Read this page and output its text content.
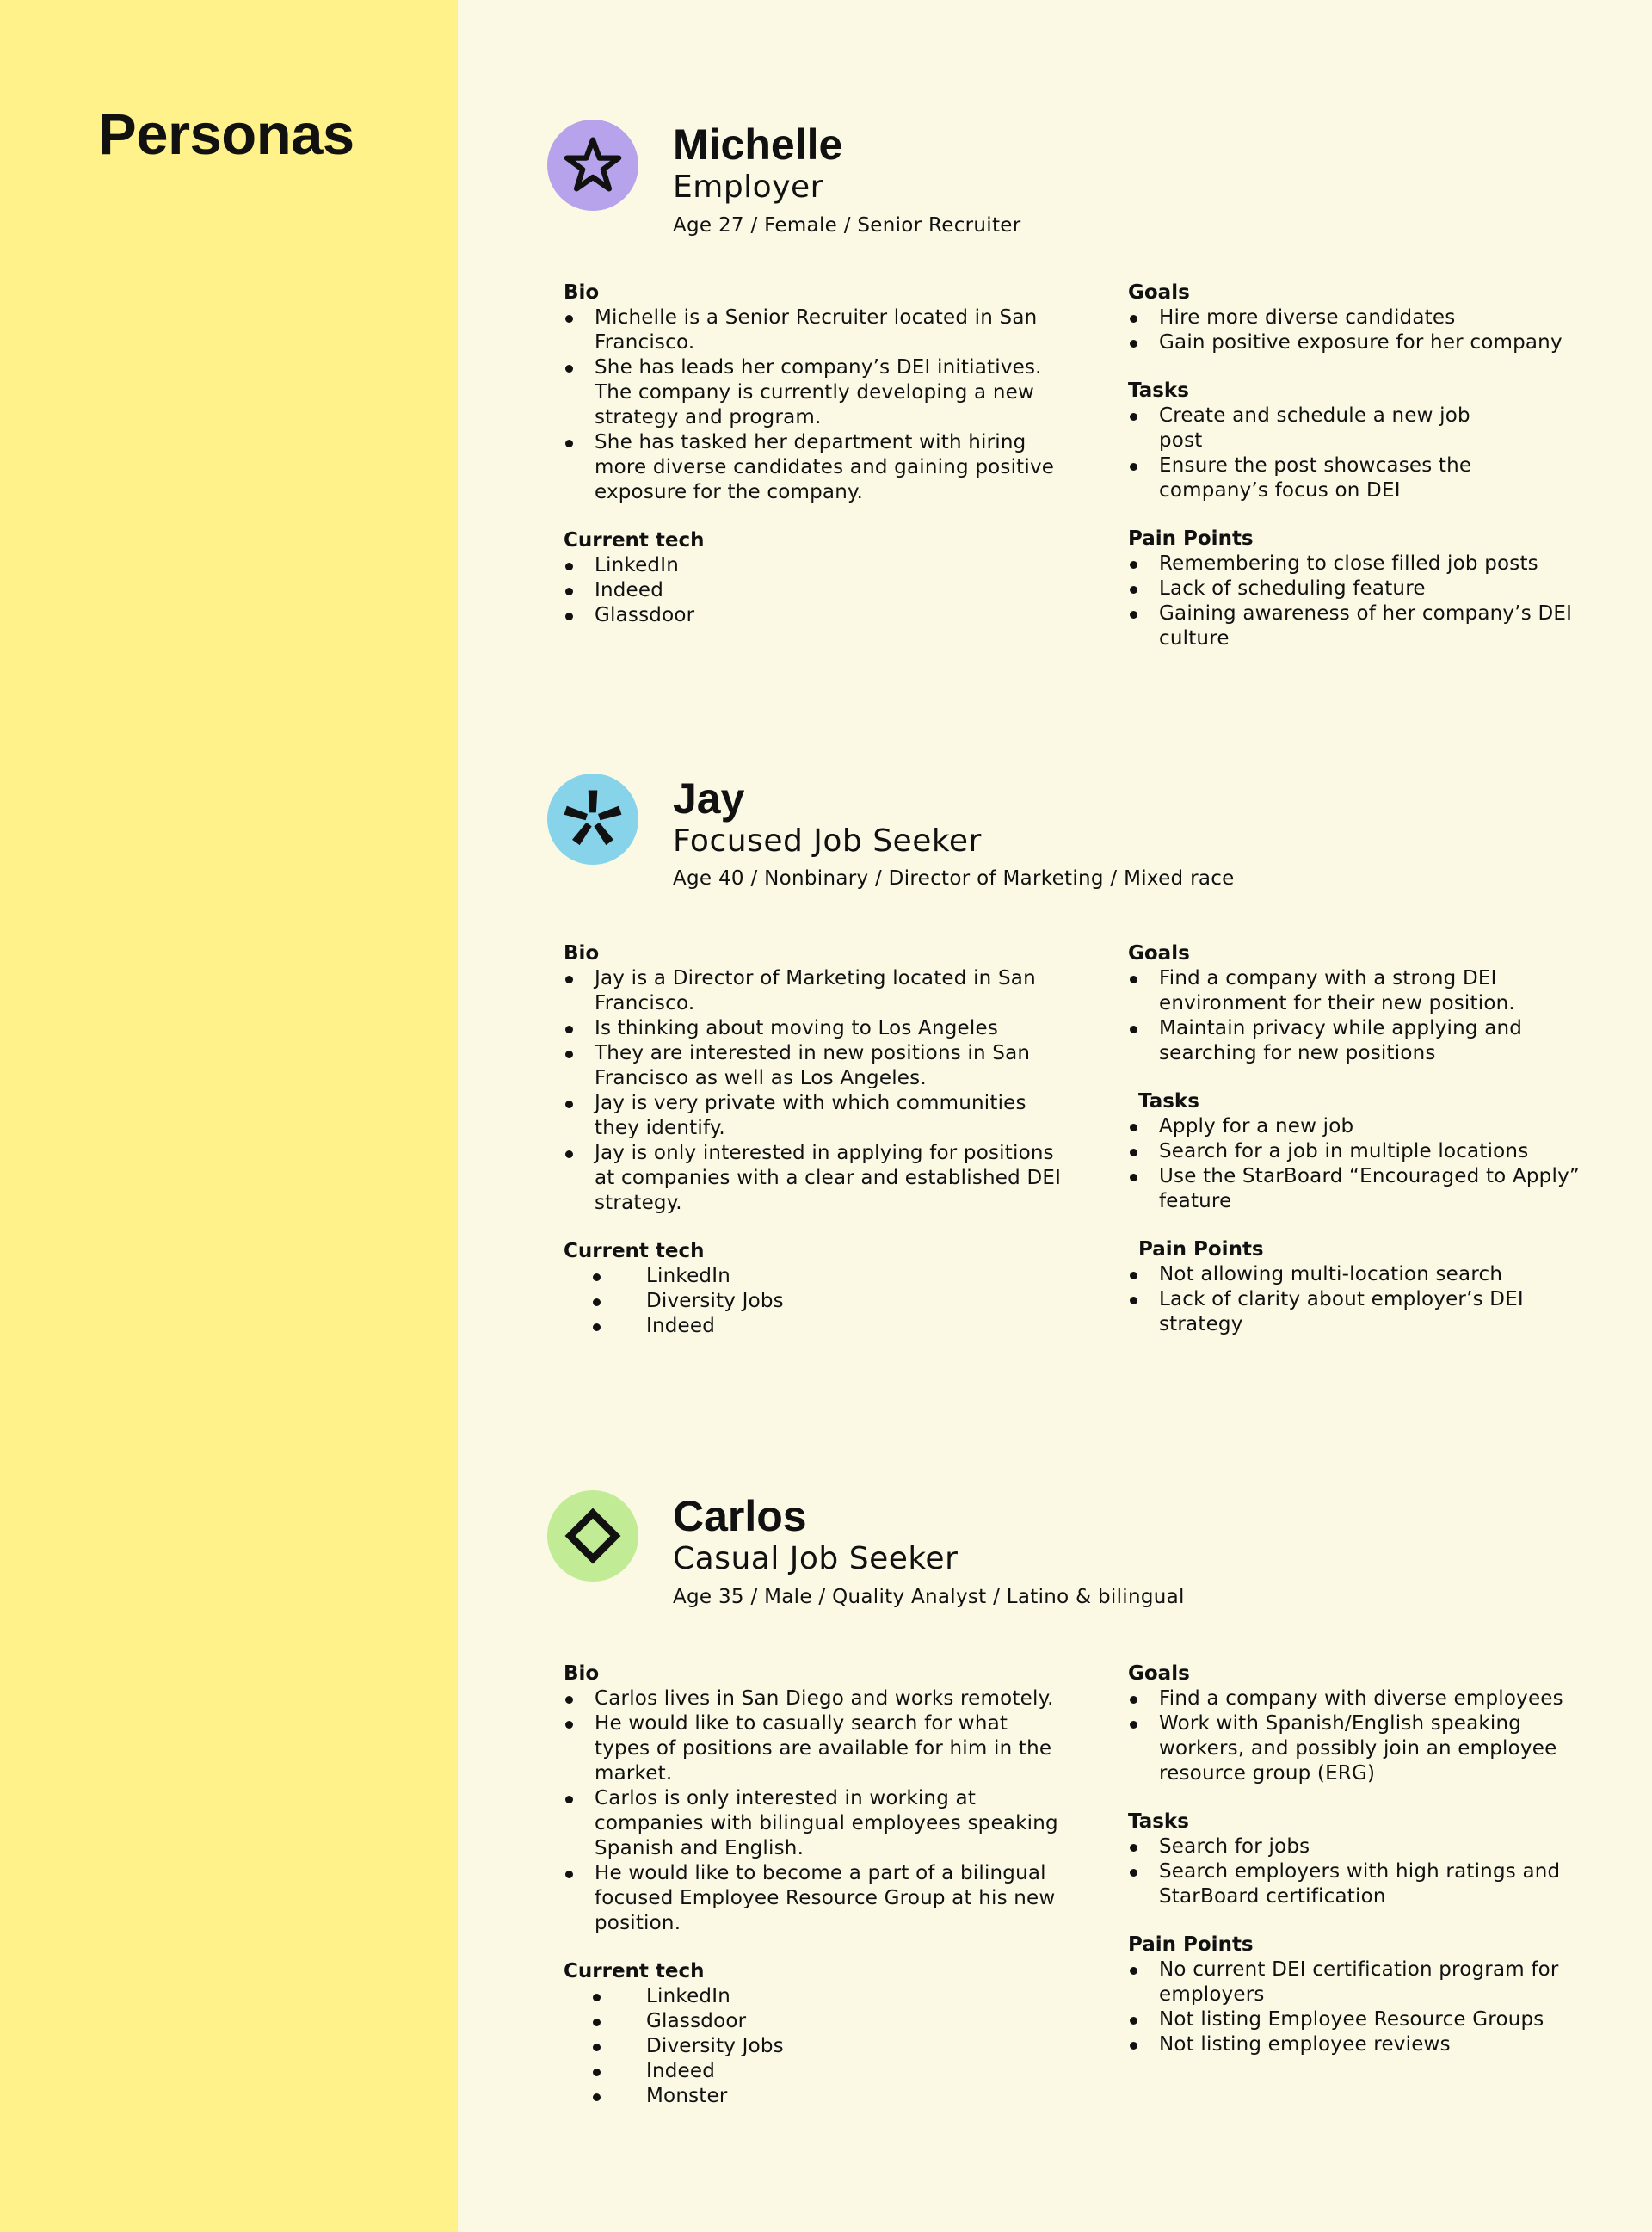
Personas	Michelle
Employer
Age 27 / Female / Senior Recruiter
Bio
Michelle is a Senior Recruiter located in San Francisco.
She has leads her company’s DEI initiatives. The company is currently developing a new strategy and program.
She has tasked her department with hiring more diverse candidates and gaining positive exposure for the company.
Current tech
LinkedIn
Indeed
Glassdoor
Goals
Hire more diverse candidates
Gain positive exposure for her company
Tasks
Create and schedule a new job post
Ensure the post showcases the company’s focus on DEI
Pain Points
Remembering to close filled job posts
Lack of scheduling feature
Gaining awareness of her company’s DEI culture
Jay
Focused Job Seeker
Age 40 / Nonbinary / Director of Marketing / Mixed race
Bio
Jay is a Director of Marketing located in San Francisco.
Is thinking about moving to Los Angeles
They are interested in new positions in San Francisco as well as Los Angeles.
Jay is very private with which communities they identify.
Jay is only interested in applying for positions at companies with a clear and established DEI strategy.
Current tech
LinkedIn
Diversity Jobs
Indeed
Goals
Find a company with a strong DEI environment for their new position.
Maintain privacy while applying and searching for new positions
Tasks
Apply for a new job
Search for a job in multiple locations
Use the StarBoard “Encouraged to Apply” feature
Pain Points
Not allowing multi-location search
Lack of clarity about employer’s DEI strategy
Carlos
Casual Job Seeker
Age 35 / Male / Quality Analyst / Latino & bilingual
Bio
Carlos lives in San Diego and works remotely.
He would like to casually search for what types of positions are available for him in the market.
Carlos is only interested in working at companies with bilingual employees speaking Spanish and English.
He would like to become a part of a bilingual focused Employee Resource Group at his new position.
Current tech
LinkedIn
Glassdoor
Diversity Jobs
Indeed
Monster
Goals
Find a company with diverse employees
Work with Spanish/English speaking workers, and possibly join an employee resource group (ERG)
Tasks
Search for jobs
Search employers with high ratings and StarBoard certification
Pain Points
No current DEI certification program for employers
Not listing Employee Resource Groups
Not listing employee reviews
